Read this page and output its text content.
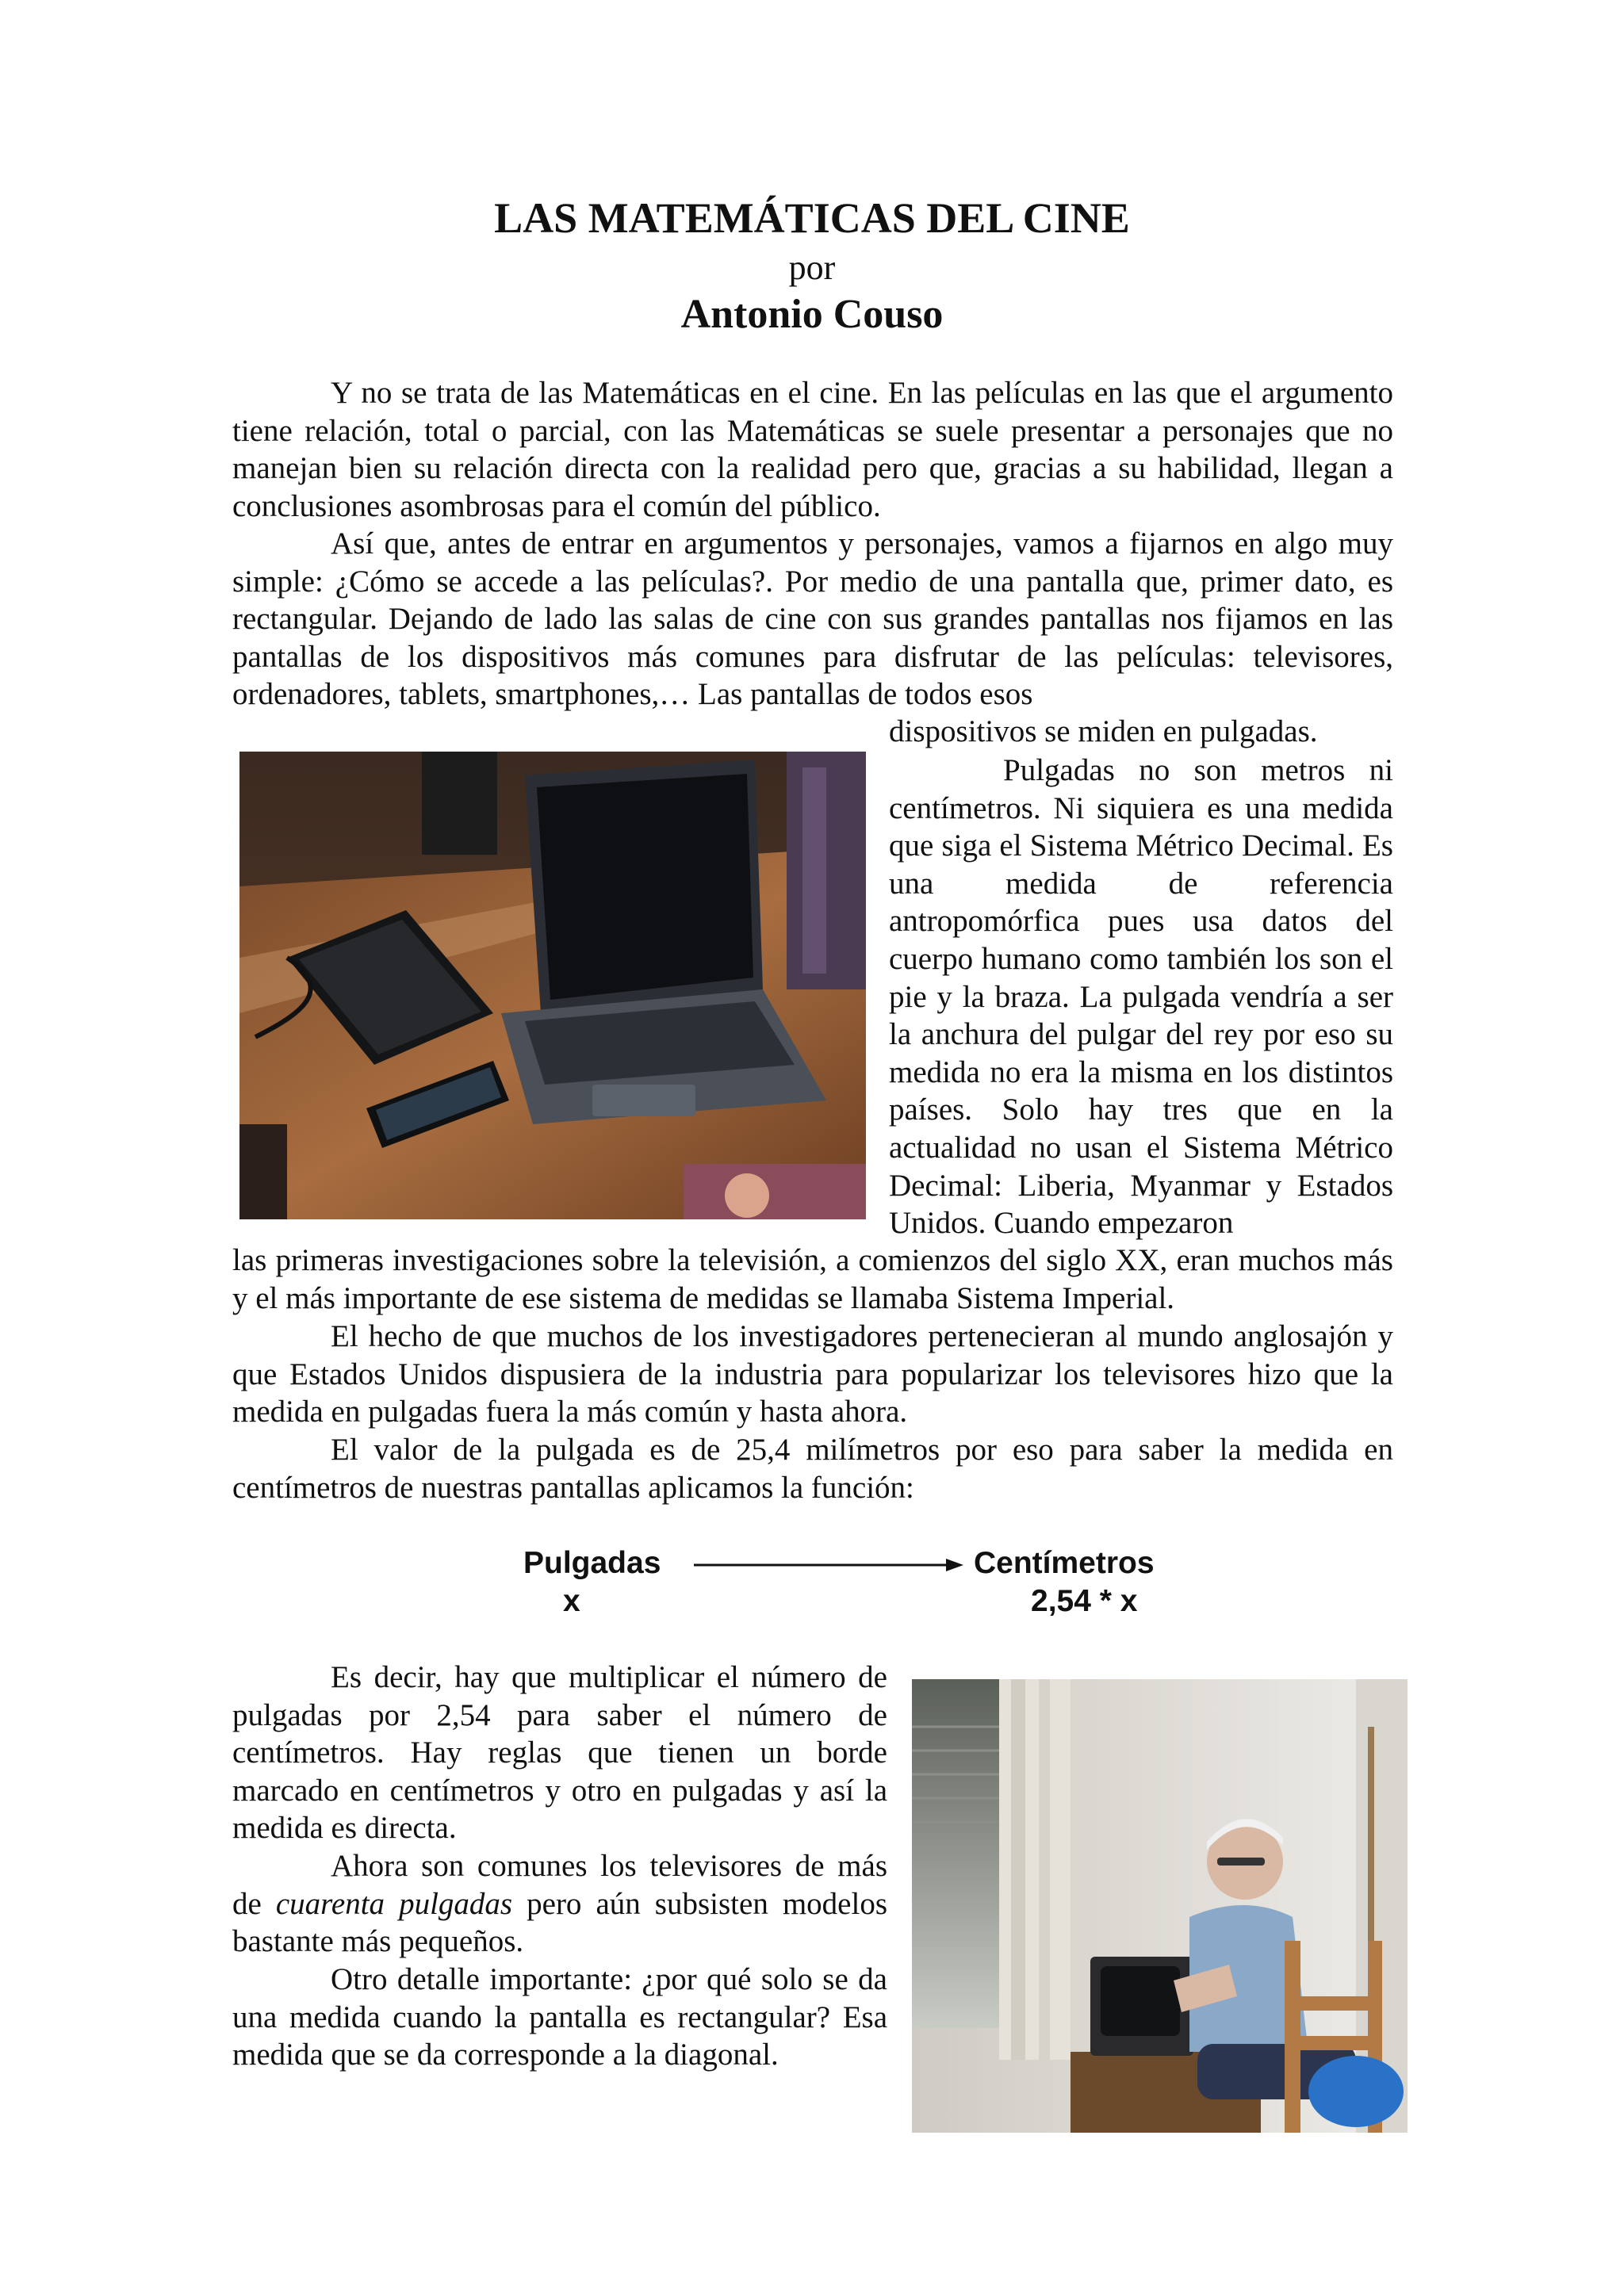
LAS MATEMÁTICAS DEL CINE
por
Antonio Couso

Y no se trata de las Matemáticas en el cine. En las películas en las que el argumento tiene relación, total o parcial, con las Matemáticas se suele presentar a personajes que no manejan bien su relación directa con la realidad pero que, gracias a su habilidad, llegan a conclusiones asombrosas para el común del público.

Así que, antes de entrar en argumentos y personajes, vamos a fijarnos en algo muy simple: ¿Cómo se accede a las películas?. Por medio de una pantalla que, primer dato, es rectangular. Dejando de lado las salas de cine con sus grandes pantallas nos fijamos en las pantallas de los dispositivos más comunes para disfrutar de las películas: televisores, ordenadores, tablets, smartphones,… Las pantallas de todos esos

dispositivos se miden en pulgadas.

Pulgadas no son metros ni centímetros. Ni siquiera es una medida que siga el Sistema Métrico Decimal. Es una medida de referencia antropomórfica pues usa datos del cuerpo humano como también los son el pie y la braza. La pulgada vendría a ser la anchura del pulgar del rey por eso su medida no era la misma en los distintos países. Solo hay tres que en la actualidad no usan el Sistema Métrico Decimal: Liberia, Myanmar y Estados Unidos. Cuando empezaron

las primeras investigaciones sobre la televisión, a comienzos del siglo XX, eran muchos más y el más importante de ese sistema de medidas se llamaba Sistema Imperial.

El hecho de que muchos de los investigadores pertenecieran al mundo anglosajón y que Estados Unidos dispusiera de la industria para popularizar los televisores hizo que la medida en pulgadas fuera la más común y hasta ahora.

El valor de la pulgada es de 25,4 milímetros por eso para saber la medida en centímetros de nuestras pantallas aplicamos la función:

Pulgadas
x
Centímetros
2,54 * x

Es decir, hay que multiplicar el número de pulgadas por 2,54 para saber el número de centímetros. Hay reglas que tienen un borde marcado en centímetros y otro en pulgadas y así la medida es directa.

Ahora son comunes los televisores de más de cuarenta pulgadas pero aún subsisten modelos bastante más pequeños.

Otro detalle importante: ¿por qué solo se da una medida cuando la pantalla es rectangular? Esa medida que se da corresponde a la diagonal.
